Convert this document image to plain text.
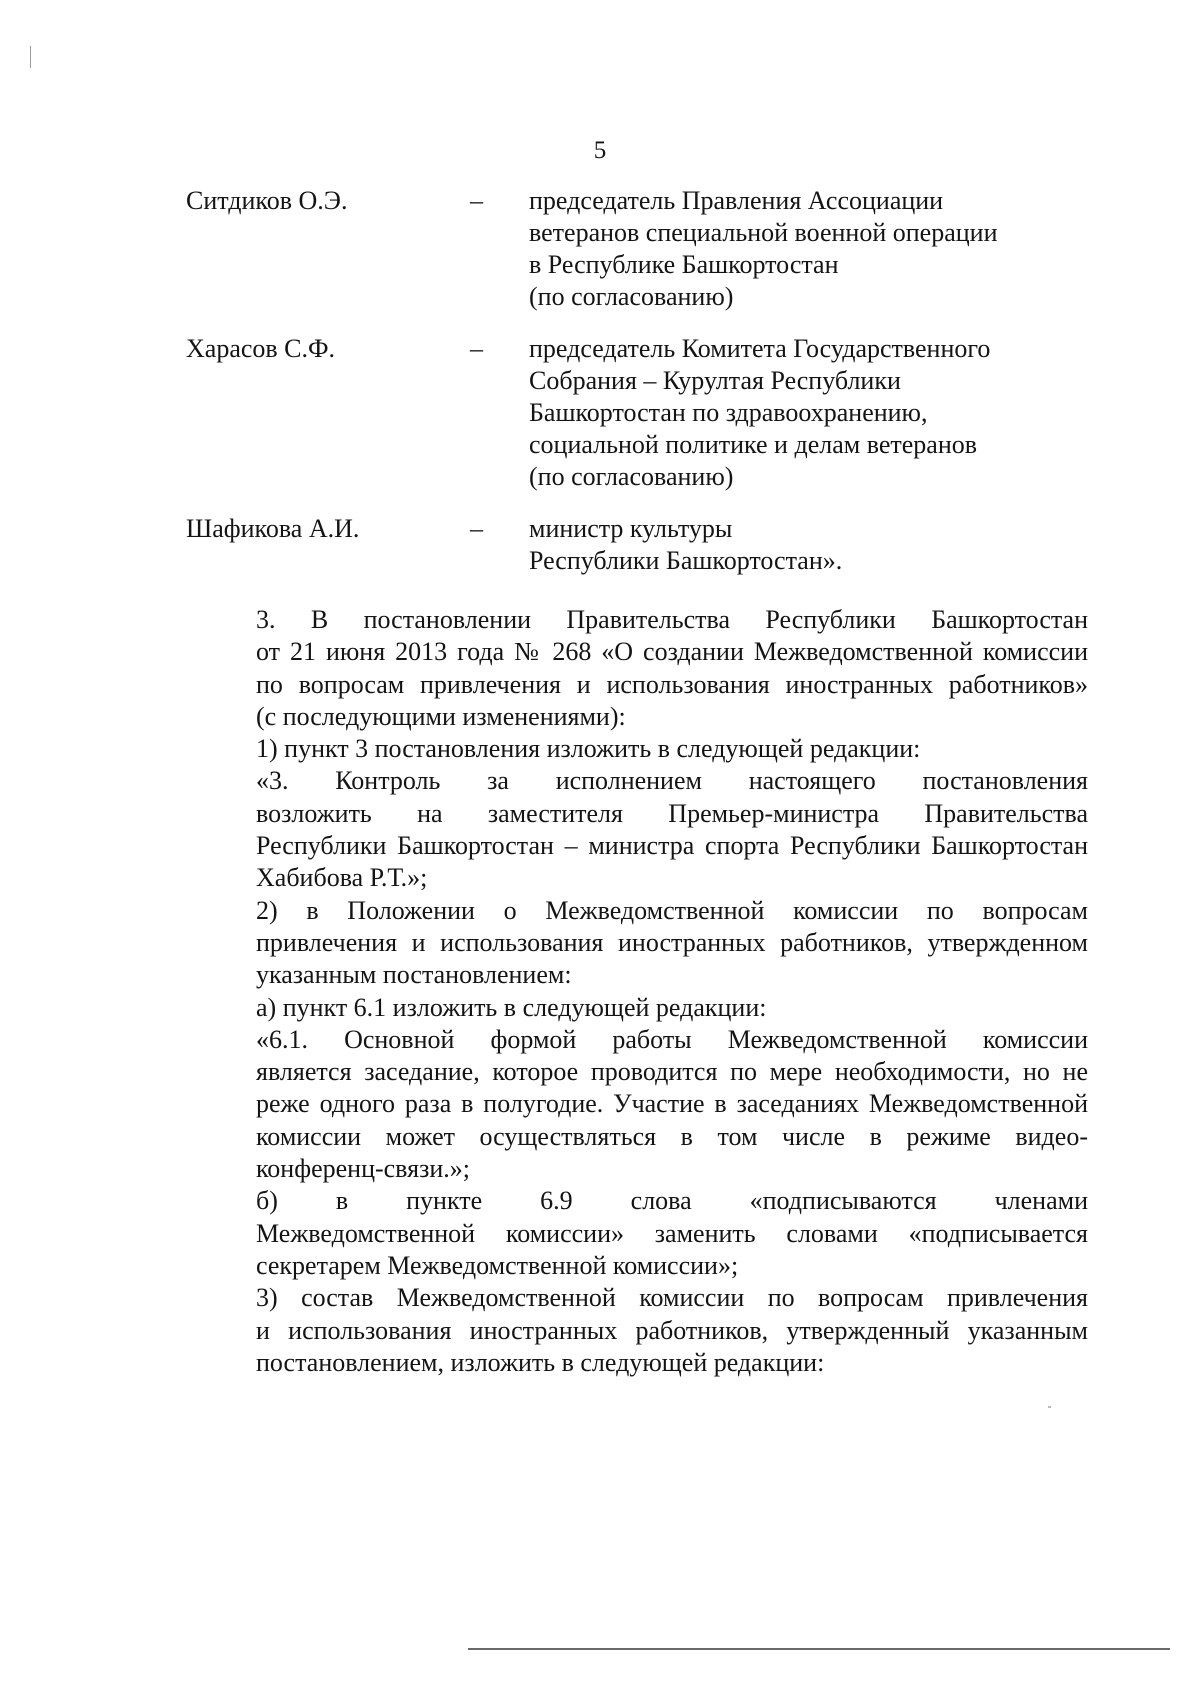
5
Ситдиков О.Э.	– председатель Правления Ассоциации
ветеранов специальной военной операции
в Республике Башкортостан
(по согласованию)
Харасов С.Ф.	– председатель Комитета Государственного
Собрания – Курултая Республики
Башкортостан по здравоохранению,
социальной политике и делам ветеранов
(по согласованию)
Шафикова А.И.	– министр культуры
Республики Башкортостан».

3. В постановлении Правительства Республики Башкортостан
от 21 июня 2013 года № 268 «О создании Межведомственной комиссии
по вопросам привлечения и использования иностранных работников»
(с последующими изменениями):

1) пункт 3 постановления изложить в следующей редакции:

«3. Контроль за исполнением настоящего постановления
возложить на заместителя Премьер-министра Правительства
Республики Башкортостан – министра спорта Республики Башкортостан
Хабибова Р.Т.»;

2) в Положении о Межведомственной комиссии по вопросам
привлечения и использования иностранных работников, утвержденном
указанным постановлением:

а) пункт 6.1 изложить в следующей редакции:

«6.1. Основной формой работы Межведомственной комиссии
является заседание, которое проводится по мере необходимости, но не
реже одного раза в полугодие. Участие в заседаниях Межведомственной
комиссии может осуществляться в том числе в режиме видео-
конференц-связи.»;

б) в пункте 6.9 слова «подписываются членами
Межведомственной комиссии» заменить словами «подписывается
секретарем Межведомственной комиссии»;

3) состав Межведомственной комиссии по вопросам привлечения
и использования иностранных работников, утвержденный указанным
постановлением, изложить в следующей редакции:
